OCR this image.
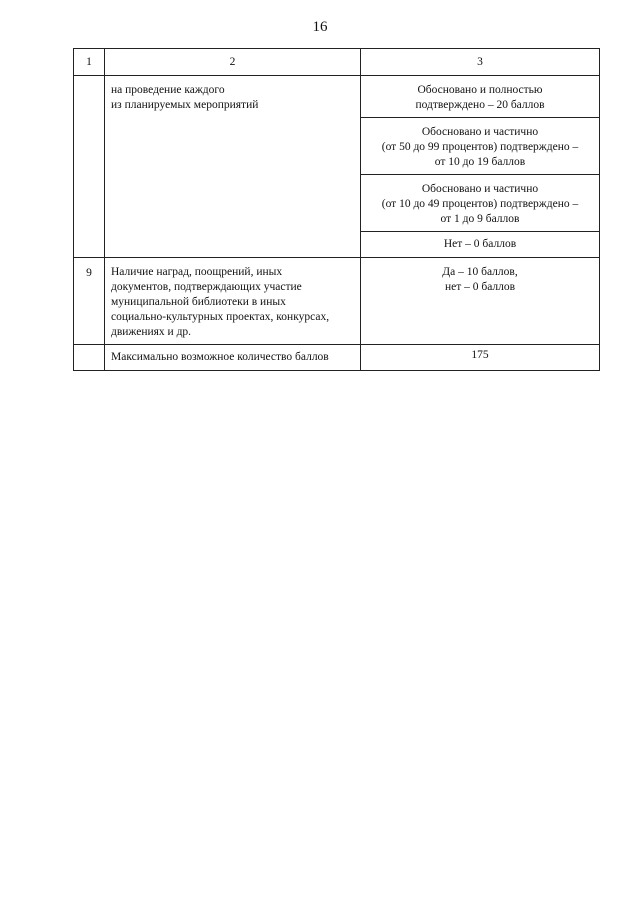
16
1	2	3

	на проведение каждого
из планируемых мероприятий	Обосновано и полностью
подтверждено – 20 баллов

		Обосновано и частично
(от 50 до 99 процентов) подтверждено –
от 10 до 19 баллов

		Обосновано и частично
(от 10 до 49 процентов) подтверждено –
от 1 до 9 баллов

		Нет – 0 баллов

9	Наличие наград, поощрений, иных
документов, подтверждающих участие
муниципальной библиотеки в иных
социально-культурных проектах, конкурсах,
движениях и др.	Да – 10 баллов,
нет – 0 баллов

	Максимально возможное количество баллов	175
